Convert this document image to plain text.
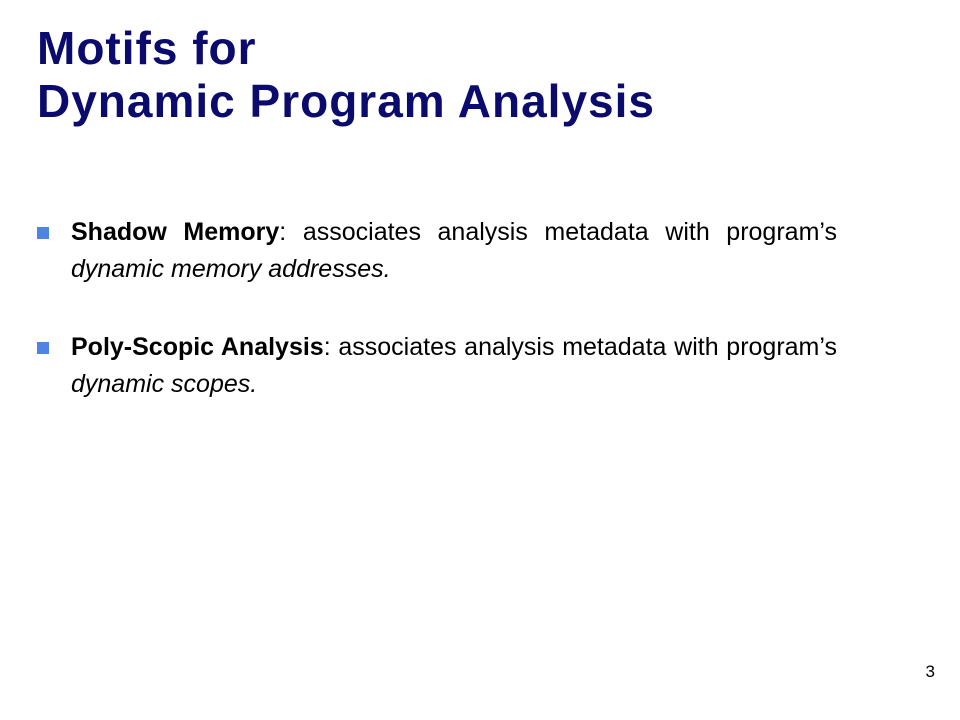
Motifs for
Dynamic Program Analysis
Shadow Memory: associates analysis metadata with program’s dynamic memory addresses.
Poly-Scopic Analysis: associates analysis metadata with program’s dynamic scopes.
3
